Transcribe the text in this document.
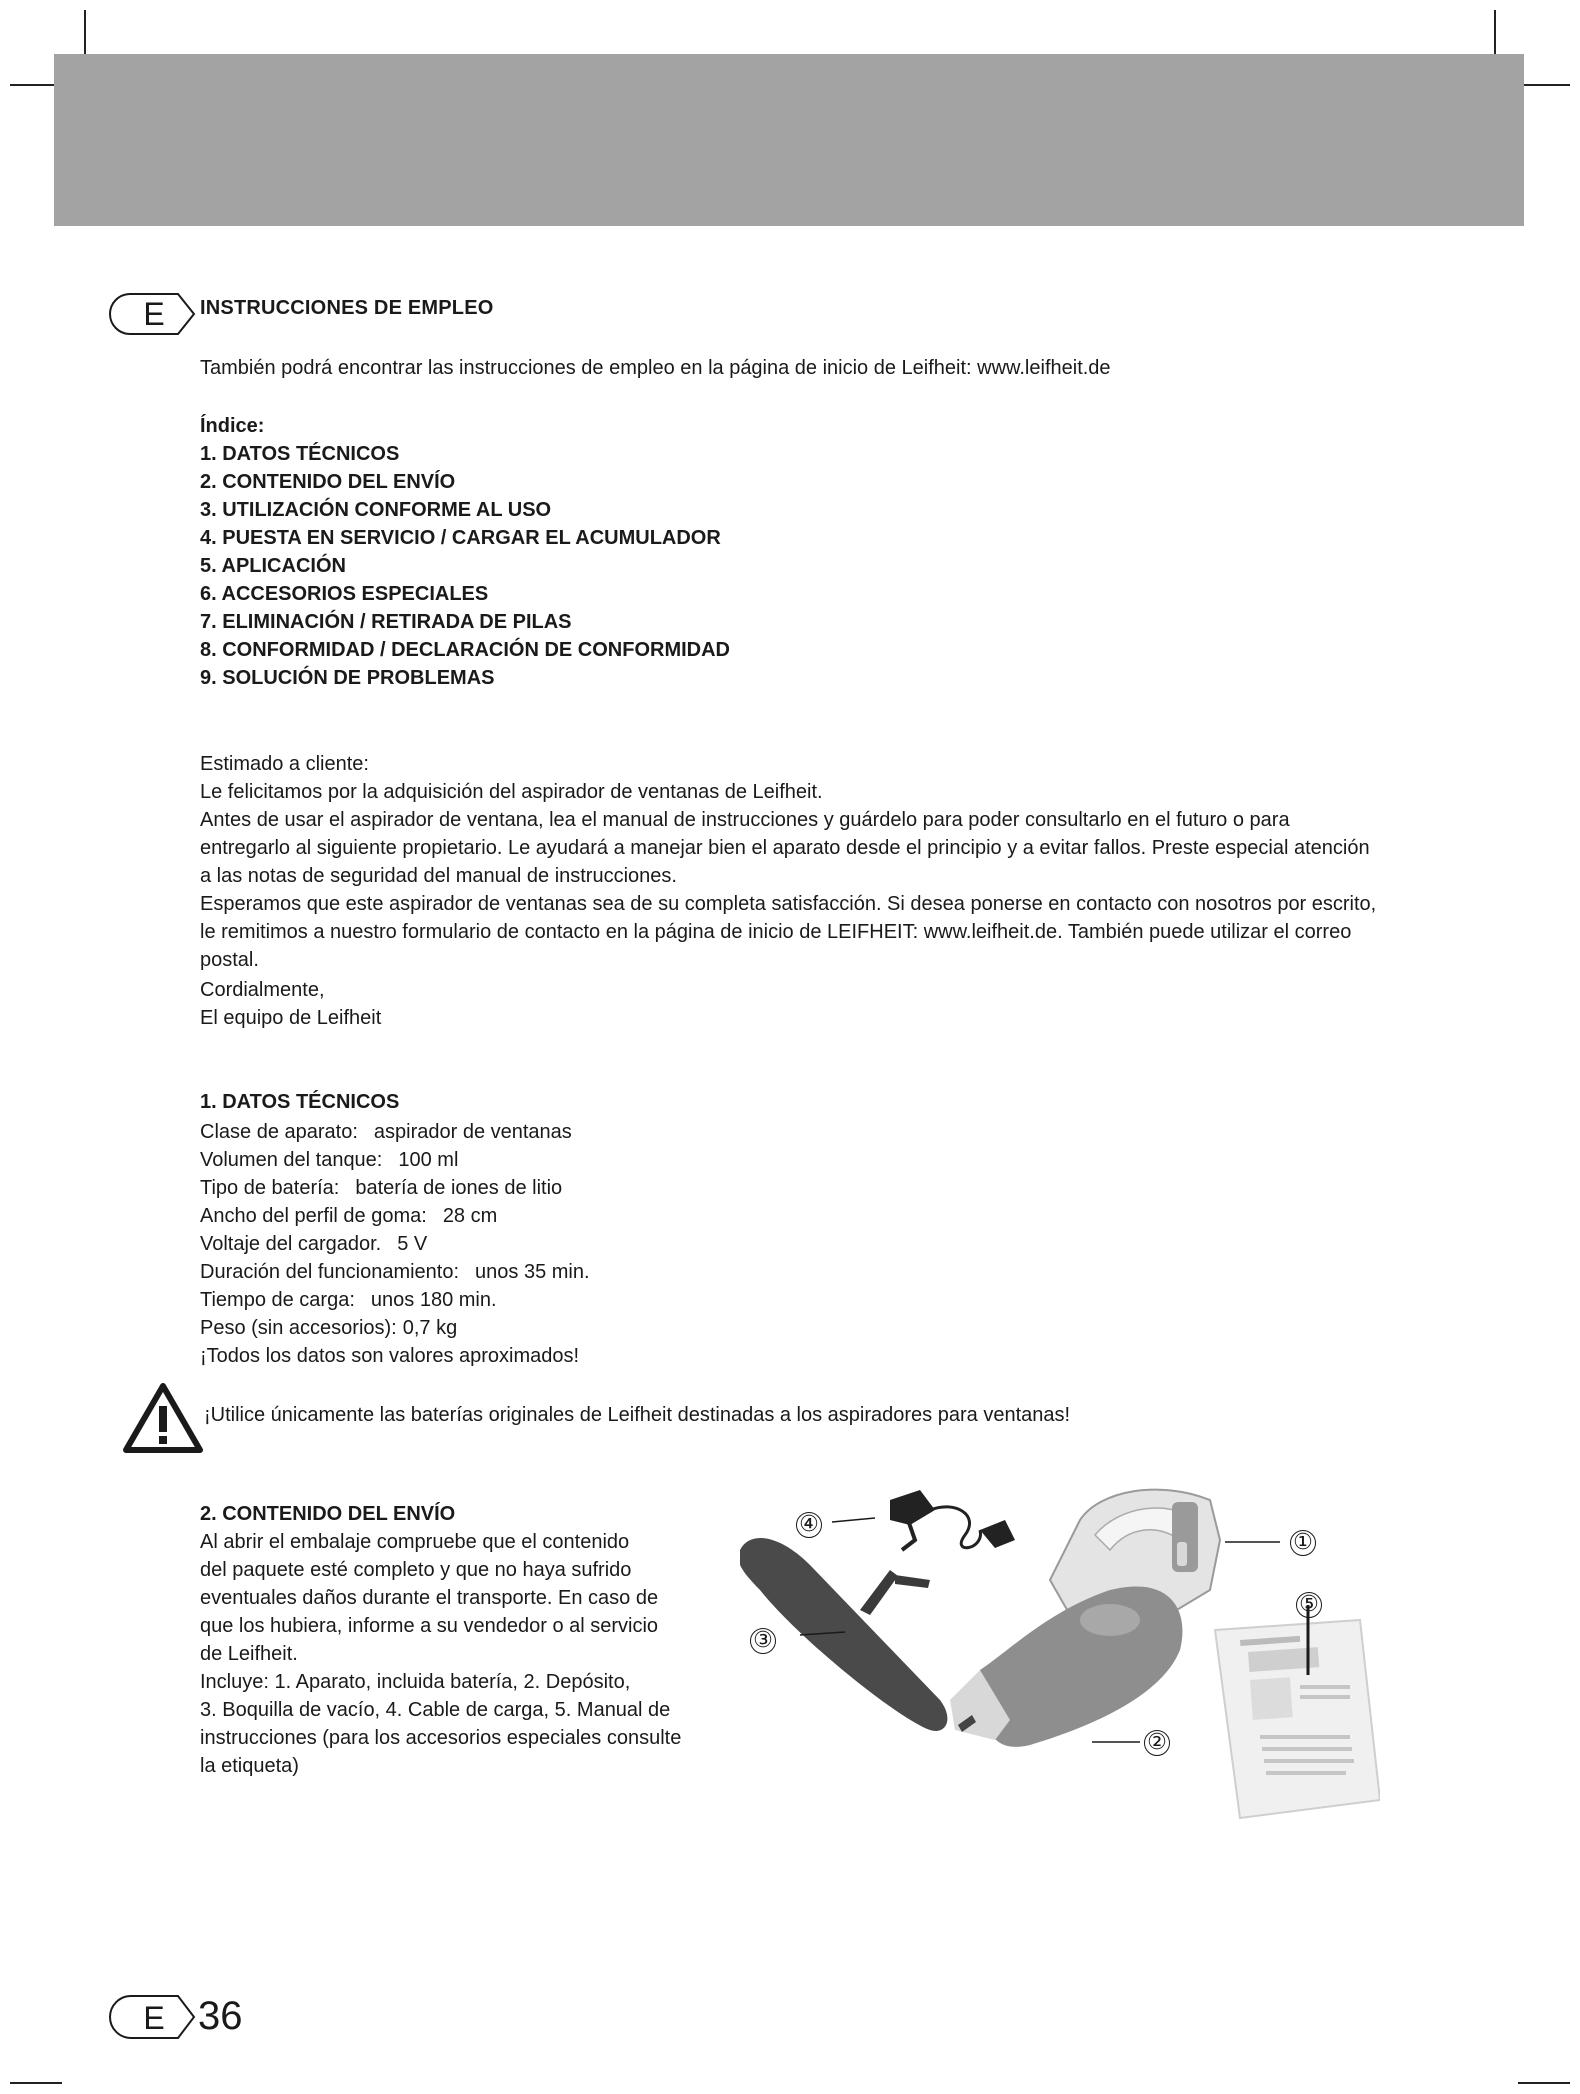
E INSTRUCCIONES DE EMPLEO
También podrá encontrar las instrucciones de empleo en la página de inicio de Leifheit: www.leifheit.de
Índice:
1. DATOS TÉCNICOS
2. CONTENIDO DEL ENVÍO
3. UTILIZACIÓN CONFORME AL USO
4. PUESTA EN SERVICIO / CARGAR EL ACUMULADOR
5. APLICACIÓN
6. ACCESORIOS ESPECIALES
7. ELIMINACIÓN / RETIRADA DE PILAS
8. CONFORMIDAD / DECLARACIÓN DE CONFORMIDAD
9. SOLUCIÓN DE PROBLEMAS
Estimado a cliente:
Le felicitamos por la adquisición del aspirador de ventanas de Leifheit.
Antes de usar el aspirador de ventana, lea el manual de instrucciones y guárdelo para poder consultarlo en el futuro o para entregarlo al siguiente propietario. Le ayudará a manejar bien el aparato desde el principio y a evitar fallos. Preste especial atención a las notas de seguridad del manual de instrucciones.
Esperamos que este aspirador de ventanas sea de su completa satisfacción. Si desea ponerse en contacto con nosotros por escrito, le remitimos a nuestro formulario de contacto en la página de inicio de LEIFHEIT: www.leifheit.de. También puede utilizar el correo postal.
Cordialmente,
El equipo de Leifheit
1. DATOS TÉCNICOS
Clase de aparato: aspirador de ventanas
Volumen del tanque: 100 ml
Tipo de batería: batería de iones de litio
Ancho del perfil de goma: 28 cm
Voltaje del cargador. 5 V
Duración del funcionamiento: unos 35 min.
Tiempo de carga: unos 180 min.
Peso (sin accesorios): 0,7 kg
¡Todos los datos son valores aproximados!
¡Utilice únicamente las baterías originales de Leifheit destinadas a los aspiradores para ventanas!
2. CONTENIDO DEL ENVÍO
Al abrir el embalaje compruebe que el contenido
del paquete esté completo y que no haya sufrido
eventuales daños durante el transporte. En caso de
que los hubiera, informe a su vendedor o al servicio
de Leifheit.
Incluye: 1. Aparato, incluida batería, 2. Depósito,
3. Boquilla de vacío, 4. Cable de carga, 5. Manual de
instrucciones (para los accesorios especiales consulte
la etiqueta)
④
①
⑤
③
②
E 36
